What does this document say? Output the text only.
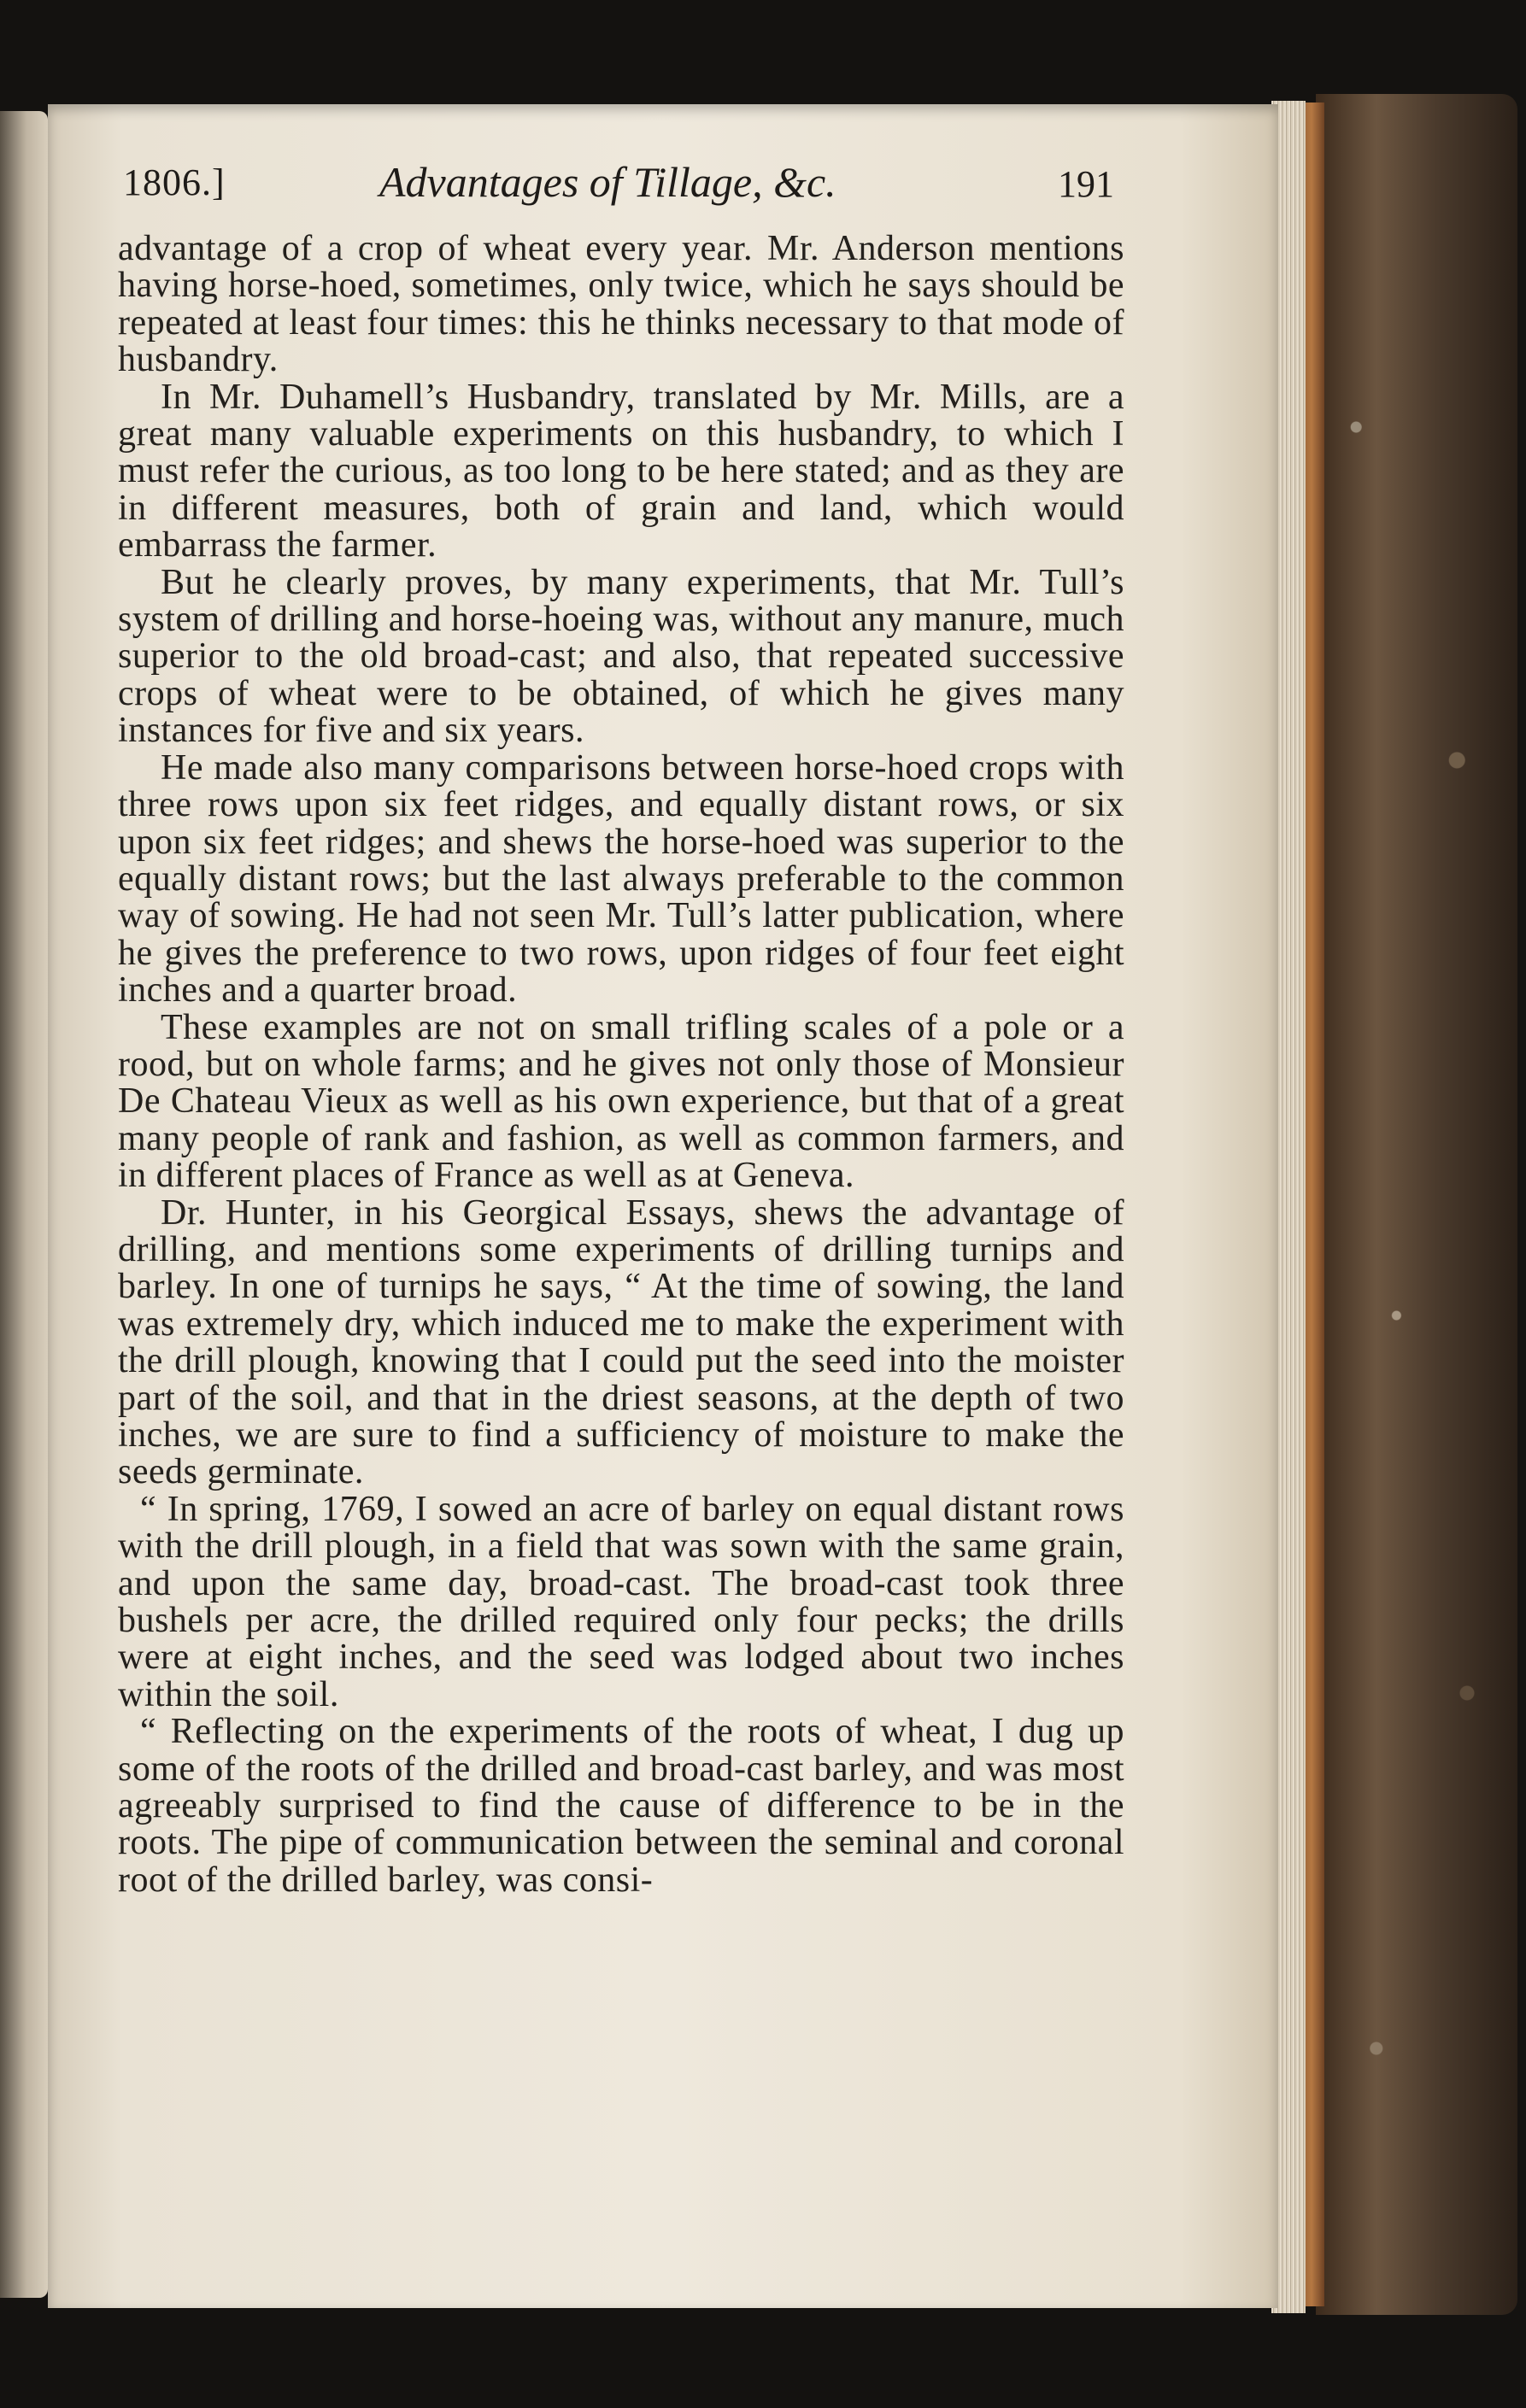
1806.]	Advantages of Tillage, &c.	191

advantage of a crop of wheat every year. Mr. Anderson mentions having horse-hoed, sometimes, only twice, which he says should be repeated at least four times: this he thinks necessary to that mode of husbandry.

In Mr. Duhamell’s Husbandry, translated by Mr. Mills, are a great many valuable experiments on this husbandry, to which I must refer the curious, as too long to be here stated; and as they are in different measures, both of grain and land, which would embarrass the farmer.

But he clearly proves, by many experiments, that Mr. Tull’s system of drilling and horse-hoeing was, without any manure, much superior to the old broad-cast; and also, that repeated successive crops of wheat were to be obtained, of which he gives many instances for five and six years.

He made also many comparisons between horse-hoed crops with three rows upon six feet ridges, and equally distant rows, or six upon six feet ridges; and shews the horse-hoed was superior to the equally distant rows; but the last always preferable to the common way of sowing. He had not seen Mr. Tull’s latter publication, where he gives the preference to two rows, upon ridges of four feet eight inches and a quarter broad.

These examples are not on small trifling scales of a pole or a rood, but on whole farms; and he gives not only those of Monsieur De Chateau Vieux as well as his own experience, but that of a great many people of rank and fashion, as well as common farmers, and in different places of France as well as at Geneva.

Dr. Hunter, in his Georgical Essays, shews the advantage of drilling, and mentions some experiments of drilling turnips and barley. In one of turnips he says, “ At the time of sowing, the land was extremely dry, which induced me to make the experiment with the drill plough, knowing that I could put the seed into the moister part of the soil, and that in the driest seasons, at the depth of two inches, we are sure to find a sufficiency of moisture to make the seeds germinate.

“ In spring, 1769, I sowed an acre of barley on equal distant rows with the drill plough, in a field that was sown with the same grain, and upon the same day, broad-cast. The broad-cast took three bushels per acre, the drilled required only four pecks; the drills were at eight inches, and the seed was lodged about two inches within the soil.

“ Reflecting on the experiments of the roots of wheat, I dug up some of the roots of the drilled and broad-cast barley, and was most agreeably surprised to find the cause of difference to be in the roots. The pipe of communication between the seminal and coronal root of the drilled barley, was consi-
